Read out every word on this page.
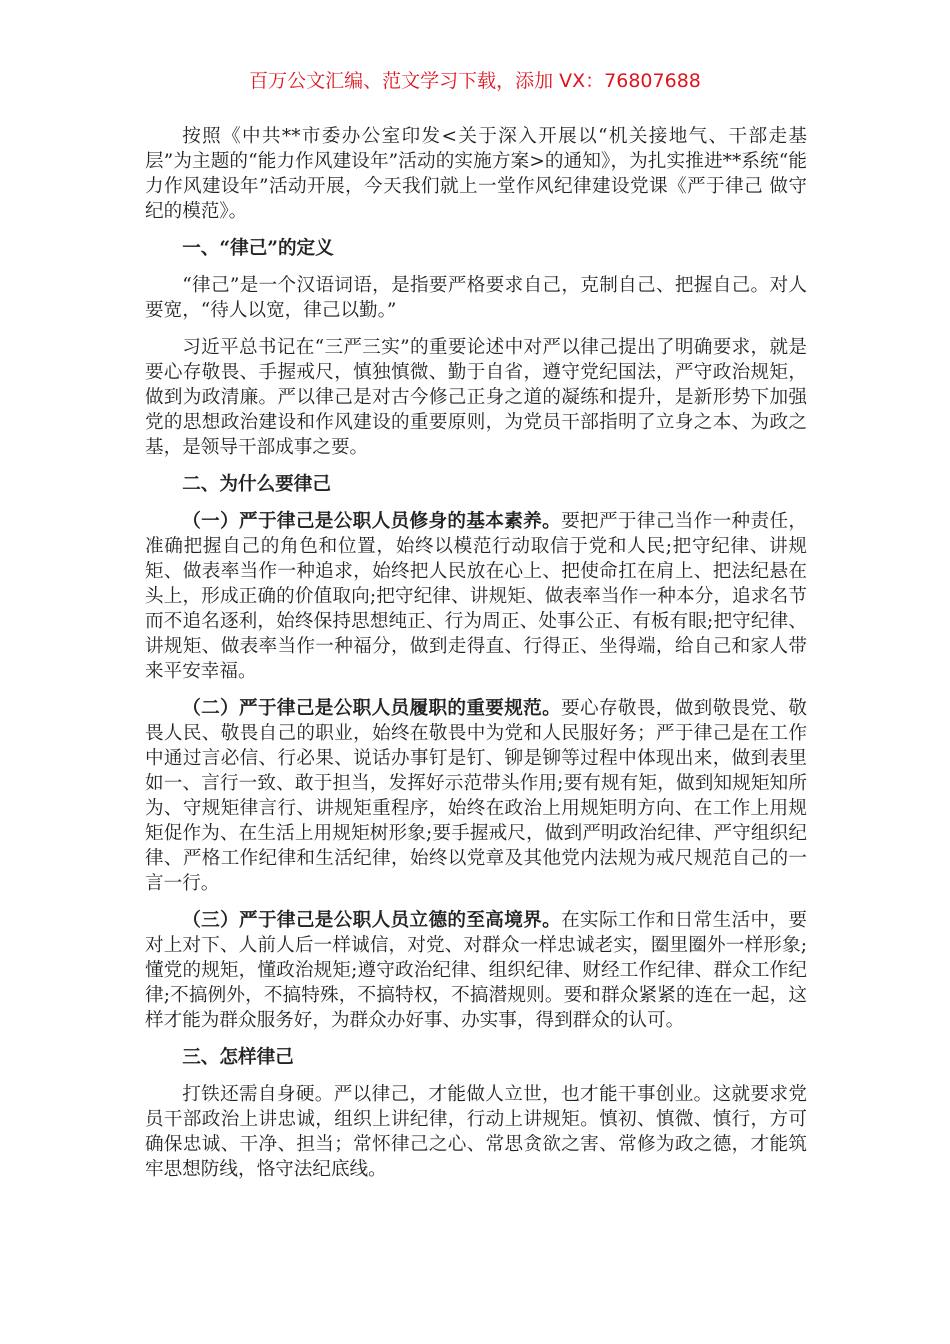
百万公文汇编、范文学习下载，添加 VX：76807688

按照《中共**市委办公室印发<关于深入开展以“机关接地气、干部走基层”为主题的“能力作风建设年”活动的实施方案>的通知》，为扎实推进**系统“能力作风建设年”活动开展，今天我们就上一堂作风纪律建设党课《严于律己 做守纪的模范》。

一、“律己”的定义

“律己”是一个汉语词语，是指要严格要求自己，克制自己、把握自己。对人要宽，“待人以宽，律己以勤。”

习近平总书记在“三严三实”的重要论述中对严以律己提出了明确要求，就是要心存敬畏、手握戒尺，慎独慎微、勤于自省，遵守党纪国法，严守政治规矩，做到为政清廉。严以律己是对古今修己正身之道的凝练和提升，是新形势下加强党的思想政治建设和作风建设的重要原则，为党员干部指明了立身之本、为政之基，是领导干部成事之要。

二、为什么要律己

（一）严于律己是公职人员修身的基本素养。要把严于律己当作一种责任，准确把握自己的角色和位置，始终以模范行动取信于党和人民;把守纪律、讲规矩、做表率当作一种追求，始终把人民放在心上、把使命扛在肩上、把法纪悬在头上，形成正确的价值取向;把守纪律、讲规矩、做表率当作一种本分，追求名节而不追名逐利，始终保持思想纯正、行为周正、处事公正、有板有眼;把守纪律、讲规矩、做表率当作一种福分，做到走得直、行得正、坐得端，给自己和家人带来平安幸福。

（二）严于律己是公职人员履职的重要规范。要心存敬畏，做到敬畏党、敬畏人民、敬畏自己的职业，始终在敬畏中为党和人民服好务；严于律己是在工作中通过言必信、行必果、说话办事钉是钉、铆是铆等过程中体现出来，做到表里如一、言行一致、敢于担当，发挥好示范带头作用;要有规有矩，做到知规矩知所为、守规矩律言行、讲规矩重程序，始终在政治上用规矩明方向、在工作上用规矩促作为、在生活上用规矩树形象;要手握戒尺，做到严明政治纪律、严守组织纪律、严格工作纪律和生活纪律，始终以党章及其他党内法规为戒尺规范自己的一言一行。

（三）严于律己是公职人员立德的至高境界。在实际工作和日常生活中，要对上对下、人前人后一样诚信，对党、对群众一样忠诚老实，圈里圈外一样形象;懂党的规矩，懂政治规矩;遵守政治纪律、组织纪律、财经工作纪律、群众工作纪律;不搞例外，不搞特殊，不搞特权，不搞潜规则。要和群众紧紧的连在一起，这样才能为群众服务好，为群众办好事、办实事，得到群众的认可。

三、怎样律己

打铁还需自身硬。严以律己，才能做人立世，也才能干事创业。这就要求党员干部政治上讲忠诚，组织上讲纪律，行动上讲规矩。慎初、慎微、慎行，方可确保忠诚、干净、担当；常怀律己之心、常思贪欲之害、常修为政之德，才能筑牢思想防线，恪守法纪底线。
